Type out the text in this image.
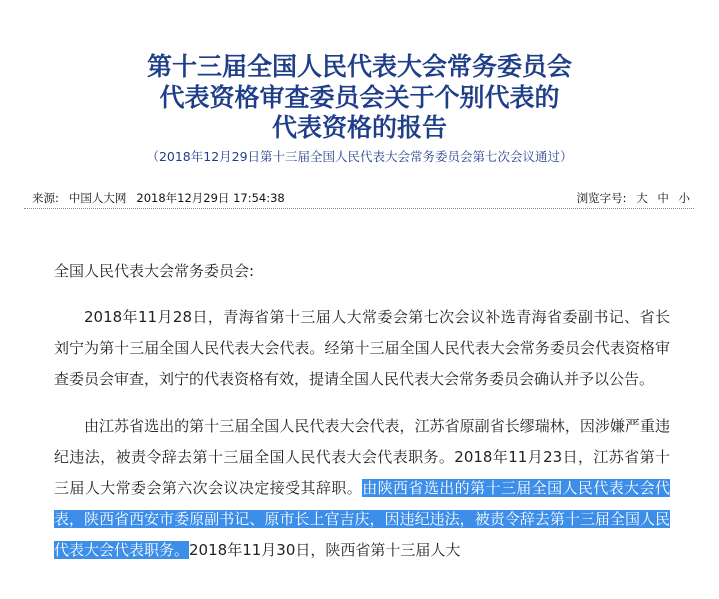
第十三届全国人民代表大会常务委员会
代表资格审查委员会关于个别代表的
代表资格的报告
（2018年12月29日第十三届全国人民代表大会常务委员会第七次会议通过）
来源: 中国人大网 2018年12月29日 17:54:38	浏览字号: 大 中 小

全国人民代表大会常务委员会:

2018年11月28日，青海省第十三届人大常委会第七次会议补选青海省委副书记、省长刘宁为第十三届全国人民代表大会代表。经第十三届全国人民代表大会常务委员会代表资格审查委员会审查，刘宁的代表资格有效，提请全国人民代表大会常务委员会确认并予以公告。

由江苏省选出的第十三届全国人民代表大会代表，江苏省原副省长缪瑞林，因涉嫌严重违纪违法，被责令辞去第十三届全国人民代表大会代表职务。2018年11月23日，江苏省第十三届人大常委会第六次会议决定接受其辞职。由陕西省选出的第十三届全国人民代表大会代表，陕西省西安市委原副书记、原市长上官吉庆，因违纪违法，被责令辞去第十三届全国人民代表大会代表职务。2018年11月30日，陕西省第十三届人大
